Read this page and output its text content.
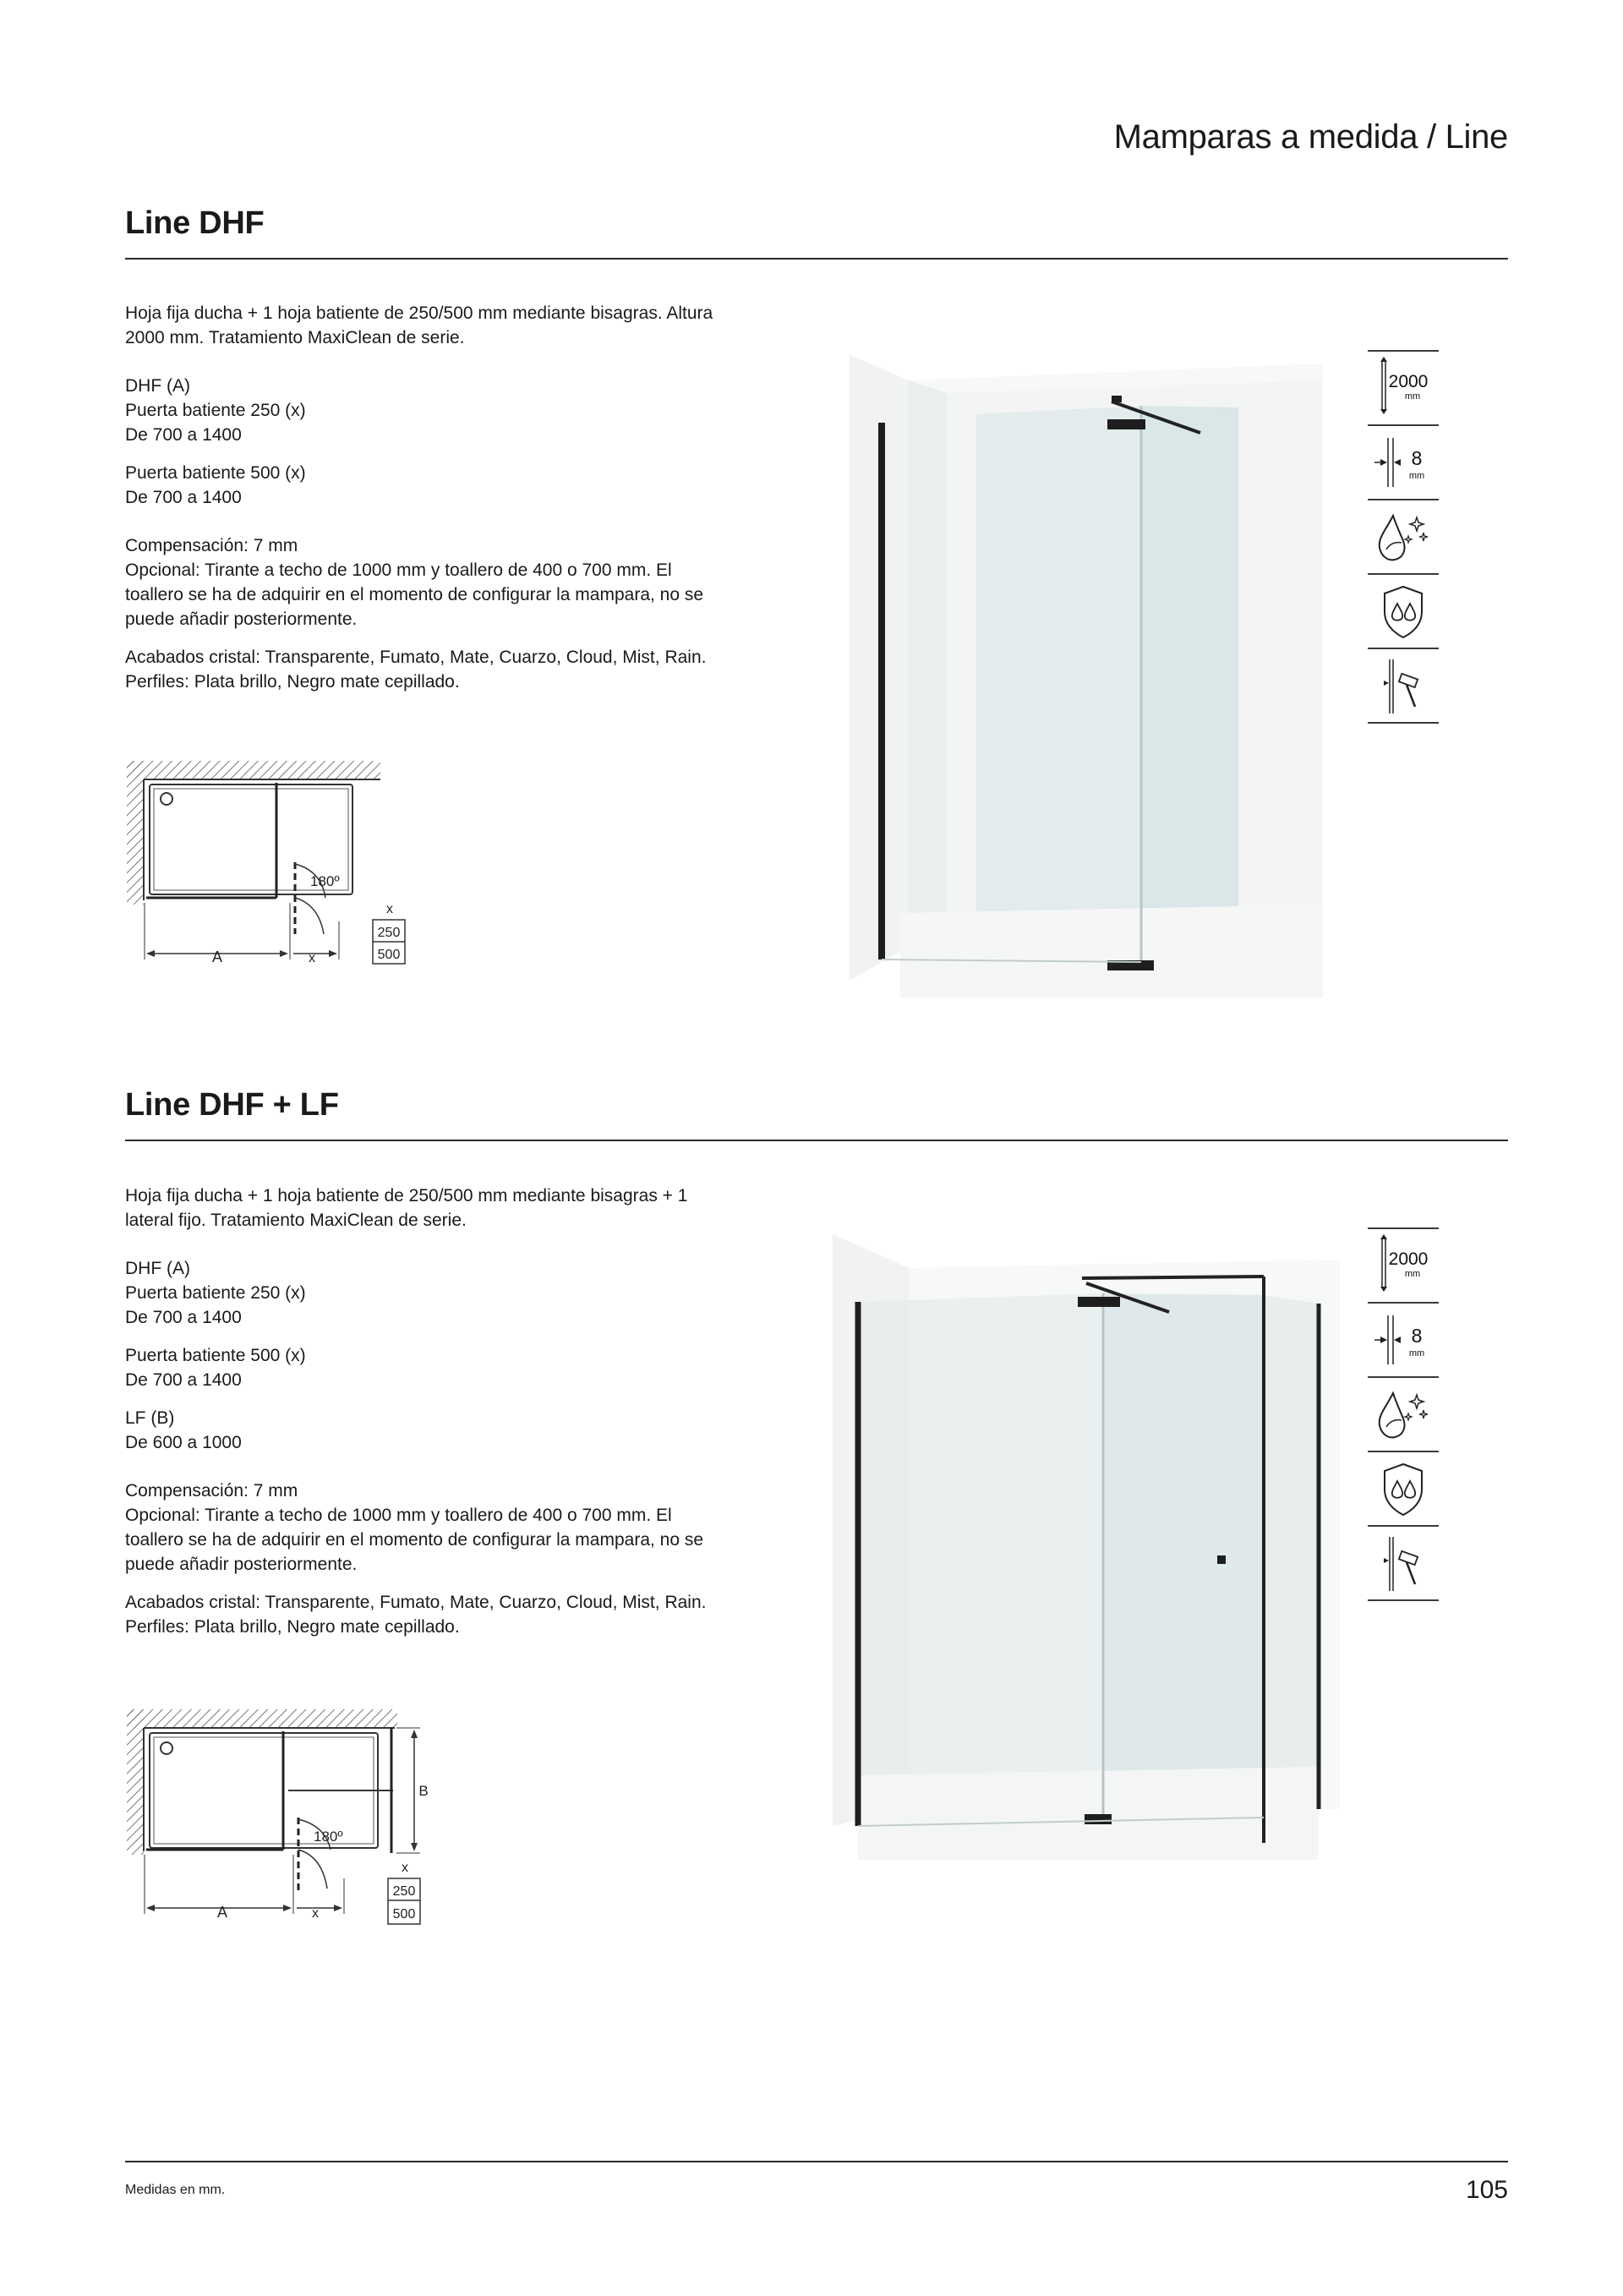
Mamparas a medida / Line
Line DHF

Hoja fija ducha + 1 hoja batiente de 250/500 mm mediante bisagras. Altura

2000 mm. Tratamiento MaxiClean de serie.

DHF (A)

Puerta batiente 250 (x)

De 700 a 1400

Puerta batiente 500 (x)

De 700 a 1400

Compensación: 7 mm

Opcional: Tirante a techo de 1000 mm y toallero de 400 o 700 mm. El

toallero se ha de adquirir en el momento de configurar la mampara, no se

puede añadir posteriormente.

Acabados cristal: Transparente, Fumato, Mate, Cuarzo, Cloud, Mist, Rain.

Perfiles: Plata brillo, Negro mate cepillado.

180º
A	x
x
250
500
2000
mm
8
mm
Line DHF + LF

Hoja fija ducha + 1 hoja batiente de 250/500 mm mediante bisagras + 1

lateral fijo. Tratamiento MaxiClean de serie.

DHF (A)

Puerta batiente 250 (x)

De 700 a 1400

Puerta batiente 500 (x)

De 700 a 1400

LF (B)

De 600 a 1000

Compensación: 7 mm

Opcional: Tirante a techo de 1000 mm y toallero de 400 o 700 mm. El

toallero se ha de adquirir en el momento de configurar la mampara, no se

puede añadir posteriormente.

Acabados cristal: Transparente, Fumato, Mate, Cuarzo, Cloud, Mist, Rain.

Perfiles: Plata brillo, Negro mate cepillado.

180º
B
A	x
x
250
500
2000
mm
8
mm
Medidas en mm.	105
